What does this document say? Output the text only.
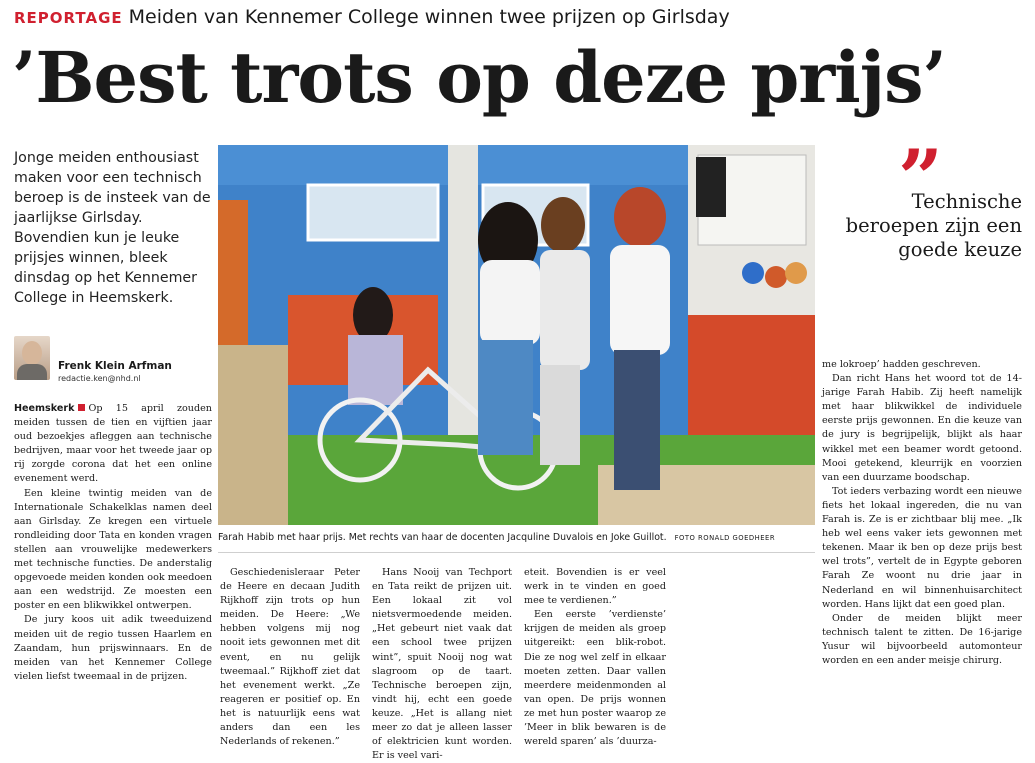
REPORTAGE Meiden van Kennemer College winnen twee prijzen op Girlsday
’Best trots op deze prijs’
Jonge meiden enthousiast maken voor een technisch beroep is de insteek van de jaarlijkse Girlsday. Bovendien kun je leuke prijsjes winnen, bleek dinsdag op het Kennemer College in Heemskerk.
Frenk Klein Arfman
redactie.ken@nhd.nl

Heemskerk Op 15 april zouden meiden tussen de tien en vijftien jaar oud bezoekjes afleggen aan technische bedrijven, maar voor het tweede jaar op rij zorgde corona dat het een online evenement werd.

Een kleine twintig meiden van de Internationale Schakelklas namen deel aan Girlsday. Ze kregen een virtuele rondleiding door Tata en konden vragen stellen aan vrouwelijke medewerkers met technische functies. De anderstalig opgevoede meiden konden ook meedoen aan een wedstrijd. Ze moesten een poster en een blikwikkel ontwerpen.

De jury koos uit adik tweeduizend meiden uit de regio tussen Haarlem en Zaandam, hun prijswinnaars. En de meiden van het Kennemer College vielen liefst tweemaal in de prijzen.

Farah Habib met haar prijs. Met rechts van haar de docenten Jacquline Duvalois en Joke Guillot. FOTO RONALD GOEDHEER

Geschiedenisleraar Peter de Heere en decaan Judith Rijkhoff zijn trots op hun meiden. De Heere: „We hebben volgens mij nog nooit iets gewonnen met dit event, en nu gelijk tweemaal.” Rijkhoff ziet dat het evenement werkt. „Ze reageren er positief op. En het is natuurlijk eens wat anders dan een les Nederlands of rekenen.”

Hans Nooij van Techport en Tata reikt de prijzen uit. Een lokaal zit vol nietsvermoedende meiden. „Het gebeurt niet vaak dat een school twee prijzen wint”, spuit Nooij nog wat slagroom op de taart. Technische beroepen zijn, vindt hij, echt een goede keuze. „Het is allang niet meer zo dat je alleen lasser of elektricien kunt worden. Er is veel vari-

eteit. Bovendien is er veel werk in te vinden en goed mee te verdienen.”

Een eerste ’verdienste’ krijgen de meiden als groep uitgereikt: een blik-robot. Die ze nog wel zelf in elkaar moeten zetten. Daar vallen meerdere meidenmonden al van open. De prijs wonnen ze met hun poster waarop ze ’Meer in blik bewaren is de wereld sparen’ als ’duurza-

”
Technische beroepen zijn een goede keuze

me lokroep’ hadden geschreven.

Dan richt Hans het woord tot de 14-jarige Farah Habib. Zij heeft namelijk met haar blikwikkel de individuele eerste prijs gewonnen. En die keuze van de jury is begrijpelijk, blijkt als haar wikkel met een beamer wordt getoond. Mooi getekend, kleurrijk en voorzien van een duurzame boodschap.

Tot ieders verbazing wordt een nieuwe fiets het lokaal ingereden, die nu van Farah is. Ze is er zichtbaar blij mee. „Ik heb wel eens vaker iets gewonnen met tekenen. Maar ik ben op deze prijs best wel trots”, vertelt de in Egypte geboren Farah Ze woont nu drie jaar in Nederland en wil binnenhuisarchitect worden. Hans lijkt dat een goed plan.

Onder de meiden blijkt meer technisch talent te zitten. De 16-jarige Yusur wil bijvoorbeeld automonteur worden en een ander meisje chirurg.
